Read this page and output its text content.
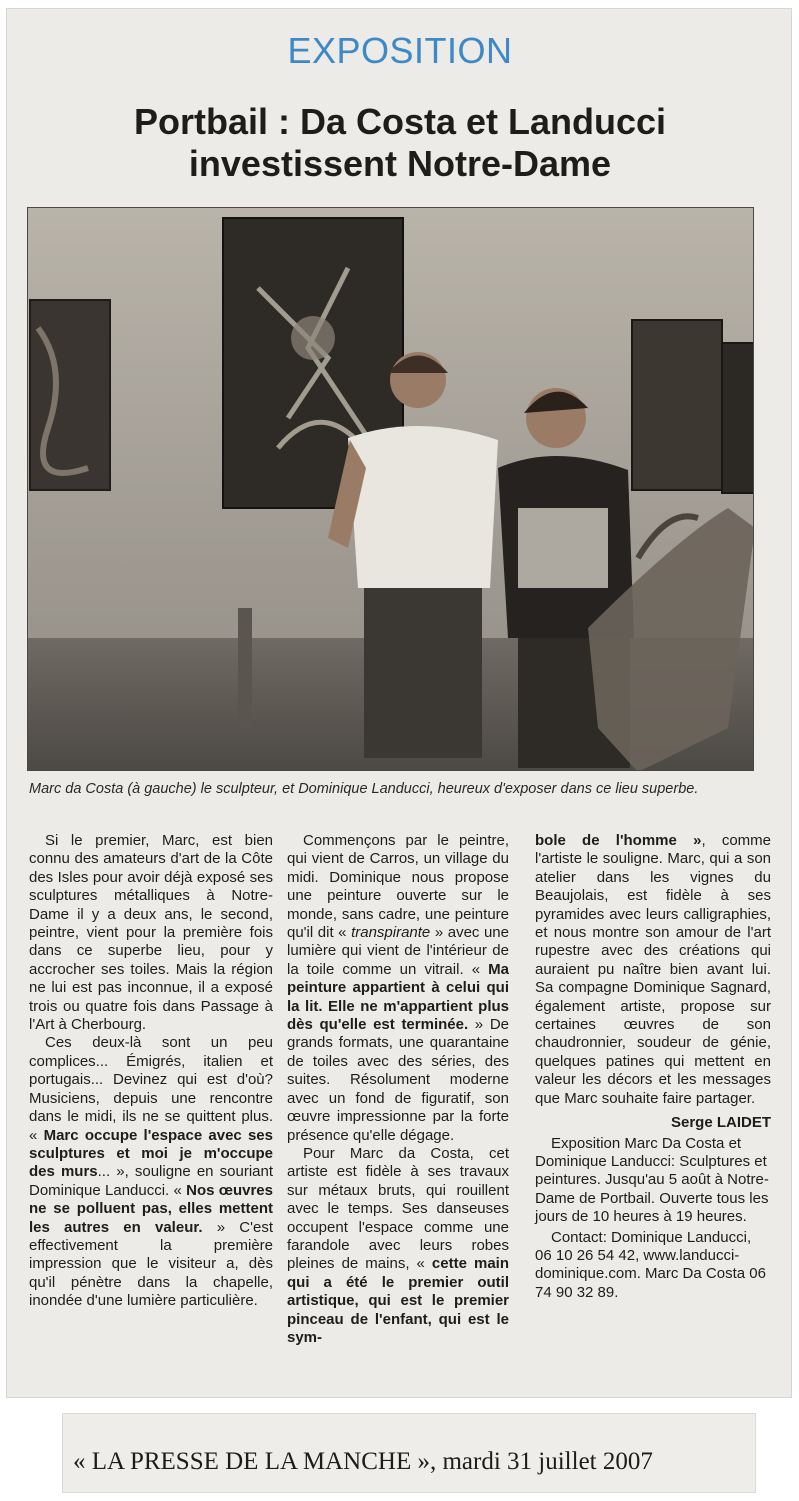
EXPOSITION
Portbail : Da Costa et Landucci
investissent Notre-Dame

Marc da Costa (à gauche) le sculpteur, et Dominique Landucci, heureux d'exposer dans ce lieu superbe.

Si le premier, Marc, est bien connu des amateurs d'art de la Côte des Isles pour avoir déjà exposé ses sculptures métalliques à Notre-Dame il y a deux ans, le second, peintre, vient pour la première fois dans ce superbe lieu, pour y accrocher ses toiles. Mais la région ne lui est pas inconnue, il a exposé trois ou quatre fois dans Passage à l'Art à Cherbourg.

Ces deux-là sont un peu complices... Émigrés, italien et portugais... Devinez qui est d'où? Musiciens, depuis une rencontre dans le midi, ils ne se quittent plus. « Marc occupe l'espace avec ses sculptures et moi je m'occupe des murs... », souligne en souriant Dominique Landucci. « Nos œuvres ne se polluent pas, elles mettent les autres en valeur. » C'est effectivement la première impression que le visiteur a, dès qu'il pénètre dans la chapelle, inondée d'une lumière particulière.

Commençons par le peintre, qui vient de Carros, un village du midi. Dominique nous propose une peinture ouverte sur le monde, sans cadre, une peinture qu'il dit « transpirante » avec une lumière qui vient de l'intérieur de la toile comme un vitrail. « Ma peinture appartient à celui qui la lit. Elle ne m'appartient plus dès qu'elle est terminée. » De grands formats, une quarantaine de toiles avec des séries, des suites. Résolument moderne avec un fond de figuratif, son œuvre impressionne par la forte présence qu'elle dégage.

Pour Marc da Costa, cet artiste est fidèle à ses travaux sur métaux bruts, qui rouillent avec le temps. Ses danseuses occupent l'espace comme une farandole avec leurs robes pleines de mains, « cette main qui a été le premier outil artistique, qui est le premier pinceau de l'enfant, qui est le sym-

bole de l'homme », comme l'artiste le souligne. Marc, qui a son atelier dans les vignes du Beaujolais, est fidèle à ses pyramides avec leurs calligraphies, et nous montre son amour de l'art rupestre avec des créations qui auraient pu naître bien avant lui. Sa compagne Dominique Sagnard, également artiste, propose sur certaines œuvres de son chaudronnier, soudeur de génie, quelques patines qui mettent en valeur les décors et les messages que Marc souhaite faire partager.

Serge LAIDET

Exposition Marc Da Costa et Dominique Landucci: Sculptures et peintures. Jusqu'au 5 août à Notre-Dame de Portbail. Ouverte tous les jours de 10 heures à 19 heures.

Contact: Dominique Landucci, 06 10 26 54 42, www.landucci-dominique.com. Marc Da Costa 06 74 90 32 89.

« LA PRESSE DE LA MANCHE », mardi 31 juillet 2007
